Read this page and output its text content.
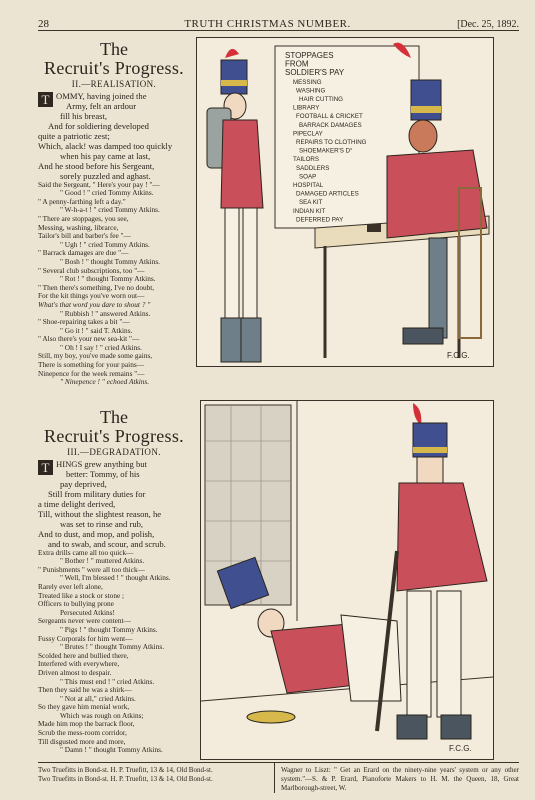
28	TRUTH CHRISTMAS NUMBER.	[Dec. 25, 1892.
The
Recruit's Progress.
II.—REALISATION.
T OMMY, having joined the
Army, felt an ardour
fill his breast,
And for soldiering developed
quite a patriotic zest;
Which, alack! was damped too quickly
when his pay came at last,
And he stood before his Sergeant,
sorely puzzled and aghast.
Said the Sergeant, " Here's your pay ! "—
" Good ! " cried Tommy Atkins.
" A penny-farthing left a day."
" W-h-a-t ! " cried Tommy Atkins.
" There are stoppages, you see,
Messing, washing, librarce,
Tailor's bill and barber's fee "—
" Ugh ! " cried Tommy Atkins.
" Barrack damages are due "—
" Bosh ! " thought Tommy Atkins.
" Several club subscriptions, too "—
" Rot ! " thought Tommy Atkins.
" Then there's something, I've no doubt,
For the kit things you've worn out—
What's that word you dare to shout ? "
" Rubbish ! " answered Atkins.
" Shoe-repairing takes a bit "—
" Go it ! " said T. Atkins.
" Also there's your new sea-kit "—
" Oh ! I say ! " cried Atkins.
Still, my boy, you've made some gains,
There is something for your pains—
Ninepence for the week remains "—
" Ninepence ! " echoed Atkins.
The
Recruit's Progress.
III.—DEGRADATION.
T HINGS grew anything but
better: Tommy, of his
pay deprived,
Still from military duties for
a time delight derived,
Till, without the slightest reason, he
was set to rinse and rub,
And to dust, and mop, and polish,
and to swab, and scour, and scrub.
Extra drills came all too quick—
" Bother ! " muttered Atkins.
" Punishments " were all too thick—
" Well, I'm blessed ! " thought Atkins.
Rarely ever left alone,
Treated like a stock or stone ;
Officers to bullying prone
Persecuted Atkins!
Sergeants never were content—
" Pigs ! " thought Tommy Atkins.
Fussy Corporals for him went—
" Brutes ! " thought Tommy Atkins.
Scolded here and bullied there,
Interfered with everywhere,
Driven almost to despair.
" This must end ! " cried Atkins.
Then they said he was a shirk—
" Not at all," cried Atkins.
So they gave him menial work,
Which was rough on Atkins;
Made him mop the barrack floor,
Scrub the mess-room corridor,
Till disgusted more and more,
" Damn ! " thought Tommy Atkins.
STOPPAGES
FROM
SOLDIER'S PAY
MESSING
WASHING
HAIR CUTTING
LIBRARY
FOOTBALL & CRICKET
BARRACK DAMAGES
PIPECLAY
REPAIRS TO CLOTHING
SHOEMAKER'S D°
TAILORS
SADDLERS
SOAP
HOSPITAL
DAMAGED ARTICLES
SEA KIT
INDIAN KIT
DEFERRED PAY
F.C.G.
F.C.G.
Two Truefitts in Bond-st. H. P. Truefitt, 13 & 14, Old Bond-st.
Two Truefitts in Bond-st. H. P. Truefitt, 13 & 14, Old Bond-st.
Wagner to Liszt: " Get an Erard on the ninety-nine years' system or any other system."—S. & P. Erard, Pianoforte Makers to H. M. the Queen, 18, Great Marlborough-street, W.
